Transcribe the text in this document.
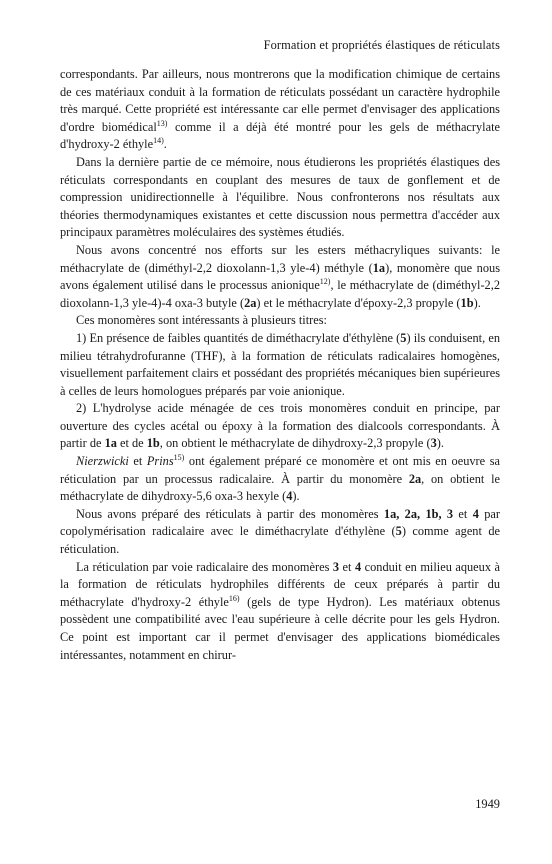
Formation et propriétés élastiques de réticulats

correspondants. Par ailleurs, nous montrerons que la modification chimique de certains de ces matériaux conduit à la formation de réticulats possédant un caractère hydrophile très marqué. Cette propriété est intéressante car elle permet d'envisager des applications d'ordre biomédical$^{13)}$ comme il a déjà été montré pour les gels de méthacrylate d'hydroxy-2 éthyle$^{14)}$.

Dans la dernière partie de ce mémoire, nous étudierons les propriétés élastiques des réticulats correspondants en couplant des mesures de taux de gonflement et de compression unidirectionnelle à l'équilibre. Nous confronterons nos résultats aux théories thermodynamiques existantes et cette discussion nous permettra d'accéder aux principaux paramètres moléculaires des systèmes étudiés.

Nous avons concentré nos efforts sur les esters méthacryliques suivants: le méthacrylate de (diméthyl-2,2 dioxolann-1,3 yle-4) méthyle (1a), monomère que nous avons également utilisé dans le processus anionique$^{12)}$, le méthacrylate de (diméthyl-2,2 dioxolann-1,3 yle-4)-4 oxa-3 butyle (2a) et le méthacrylate d'époxy-2,3 propyle (1b).

Ces monomères sont intéressants à plusieurs titres:

1) En présence de faibles quantités de diméthacrylate d'éthylène (5) ils conduisent, en milieu tétrahydrofuranne (THF), à la formation de réticulats radicalaires homogènes, visuellement parfaitement clairs et possédant des propriétés mécaniques bien supérieures à celles de leurs homologues préparés par voie anionique.

2) L'hydrolyse acide ménagée de ces trois monomères conduit en principe, par ouverture des cycles acétal ou époxy à la formation des dialcools correspondants. À partir de 1a et de 1b, on obtient le méthacrylate de dihydroxy-2,3 propyle (3).

Nierzwicki et Prins$^{15)}$ ont également préparé ce monomère et ont mis en oeuvre sa réticulation par un processus radicalaire. À partir du monomère 2a, on obtient le méthacrylate de dihydroxy-5,6 oxa-3 hexyle (4).

Nous avons préparé des réticulats à partir des monomères 1a, 2a, 1b, 3 et 4 par copolymérisation radicalaire avec le diméthacrylate d'éthylène (5) comme agent de réticulation.

La réticulation par voie radicalaire des monomères 3 et 4 conduit en milieu aqueux à la formation de réticulats hydrophiles différents de ceux préparés à partir du méthacrylate d'hydroxy-2 éthyle$^{16)}$ (gels de type Hydron). Les matériaux obtenus possèdent une compatibilité avec l'eau supérieure à celle décrite pour les gels Hydron. Ce point est important car il permet d'envisager des applications biomédicales intéressantes, notamment en chirur-

1949
